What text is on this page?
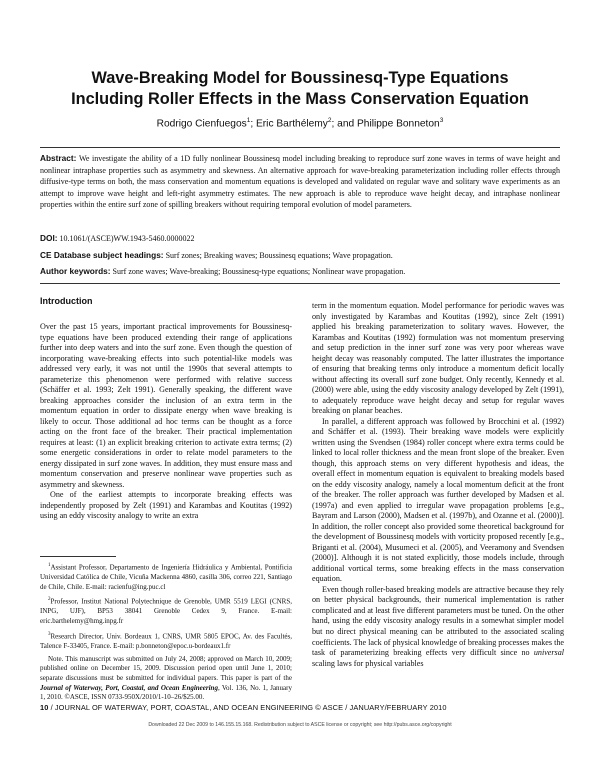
Wave-Breaking Model for Boussinesq-Type Equations
Including Roller Effects in the Mass Conservation Equation
Rodrigo Cienfuegos$^1$; Eric Barthélemy$^2$; and Philippe Bonneton$^3$
Abstract: We investigate the ability of a 1D fully nonlinear Boussinesq model including breaking to reproduce surf zone waves in terms of wave height and nonlinear intraphase properties such as asymmetry and skewness. An alternative approach for wave-breaking parameterization including roller effects through diffusive-type terms on both, the mass conservation and momentum equations is developed and validated on regular wave and solitary wave experiments as an attempt to improve wave height and left-right asymmetry estimates. The new approach is able to reproduce wave height decay, and intraphase nonlinear properties within the entire surf zone of spilling breakers without requiring temporal evolution of model parameters.
DOI: 10.1061/(ASCE)WW.1943-5460.0000022
CE Database subject headings: Surf zones; Breaking waves; Boussinesq equations; Wave propagation.
Author keywords: Surf zone waves; Wave-breaking; Boussinesq-type equations; Nonlinear wave propagation.
Introduction

Over the past 15 years, important practical improvements for Boussinesq-type equations have been produced extending their range of applications further into deep waters and into the surf zone. Even though the question of incorporating wave-breaking effects into such potential-like models was addressed very early, it was not until the 1990s that several attempts to parameterize this phenomenon were performed with relative success (Schäffer et al. 1993; Zelt 1991). Generally speaking, the different wave breaking approaches consider the inclusion of an extra term in the momentum equation in order to dissipate energy when wave breaking is likely to occur. Those additional ad hoc terms can be thought as a force acting on the front face of the breaker. Their practical implementation requires at least: (1) an explicit breaking criterion to activate extra terms; (2) some energetic considerations in order to relate model parameters to the energy dissipated in surf zone waves. In addition, they must ensure mass and momentum conservation and preserve nonlinear wave properties such as asymmetry and skewness.

One of the earliest attempts to incorporate breaking effects was independently proposed by Zelt (1991) and Karambas and Koutitas (1992) using an eddy viscosity analogy to write an extra

term in the momentum equation. Model performance for periodic waves was only investigated by Karambas and Koutitas (1992), since Zelt (1991) applied his breaking parameterization to solitary waves. However, the Karambas and Koutitas (1992) formulation was not momentum preserving and setup prediction in the inner surf zone was very poor whereas wave height decay was reasonably computed. The latter illustrates the importance of ensuring that breaking terms only introduce a momentum deficit locally without affecting its overall surf zone budget. Only recently, Kennedy et al. (2000) were able, using the eddy viscosity analogy developed by Zelt (1991), to adequately reproduce wave height decay and setup for regular waves breaking on planar beaches.

In parallel, a different approach was followed by Brocchini et al. (1992) and Schäffer et al. (1993). Their breaking wave models were explicitly written using the Svendsen (1984) roller concept where extra terms could be linked to local roller thickness and the mean front slope of the breaker. Even though, this approach stems on very different hypothesis and ideas, the overall effect in momentum equation is equivalent to breaking models based on the eddy viscosity analogy, namely a local momentum deficit at the front of the breaker. The roller approach was further developed by Madsen et al. (1997a) and even applied to irregular wave propagation problems [e.g., Bayram and Larson (2000), Madsen et al. (1997b), and Ozanne et al. (2000)]. In addition, the roller concept also provided some theoretical background for the development of Boussinesq models with vorticity proposed recently [e.g., Briganti et al. (2004), Musumeci et al. (2005), and Veeramony and Svendsen (2000)]. Although it is not stated explicitly, those models include, through additional vortical terms, some breaking effects in the mass conservation equation.

Even though roller-based breaking models are attractive because they rely on better physical backgrounds, their numerical implementation is rather complicated and at least five different parameters must be tuned. On the other hand, using the eddy viscosity analogy results in a somewhat simpler model but no direct physical meaning can be attributed to the associated scaling coefficients. The lack of physical knowledge of breaking processes makes the task of parameterizing breaking effects very difficult since no universal scaling laws for physical variables

$^1$Assistant Professor, Departamento de Ingeniería Hidráulica y Ambiental, Pontificia Universidad Católica de Chile, Vicuña Mackenna 4860, casilla 306, correo 221, Santiago de Chile, Chile. E-mail: racienfu@ing.puc.cl

$^2$Professor, Institut National Polytechnique de Grenoble, UMR 5519 LEGI (CNRS, INPG, UJF), BP53 38041 Grenoble Cedex 9, France. E-mail: eric.barthelemy@hmg.inpg.fr

$^3$Research Director, Univ. Bordeaux 1, CNRS, UMR 5805 EPOC, Av. des Facultés, Talence F-33405, France. E-mail: p.bonneton@epoc.u-bordeaux1.fr

Note. This manuscript was submitted on July 24, 2008; approved on March 10, 2009; published online on December 15, 2009. Discussion period open until June 1, 2010; separate discussions must be submitted for individual papers. This paper is part of the Journal of Waterway, Port, Coastal, and Ocean Engineering, Vol. 136, No. 1, January 1, 2010. ©ASCE, ISSN 0733-950X/2010/1-10–26/$25.00.

10 / JOURNAL OF WATERWAY, PORT, COASTAL, AND OCEAN ENGINEERING © ASCE / JANUARY/FEBRUARY 2010
Downloaded 22 Dec 2009 to 146.155.15.168. Redistribution subject to ASCE license or copyright; see http://pubs.asce.org/copyright
